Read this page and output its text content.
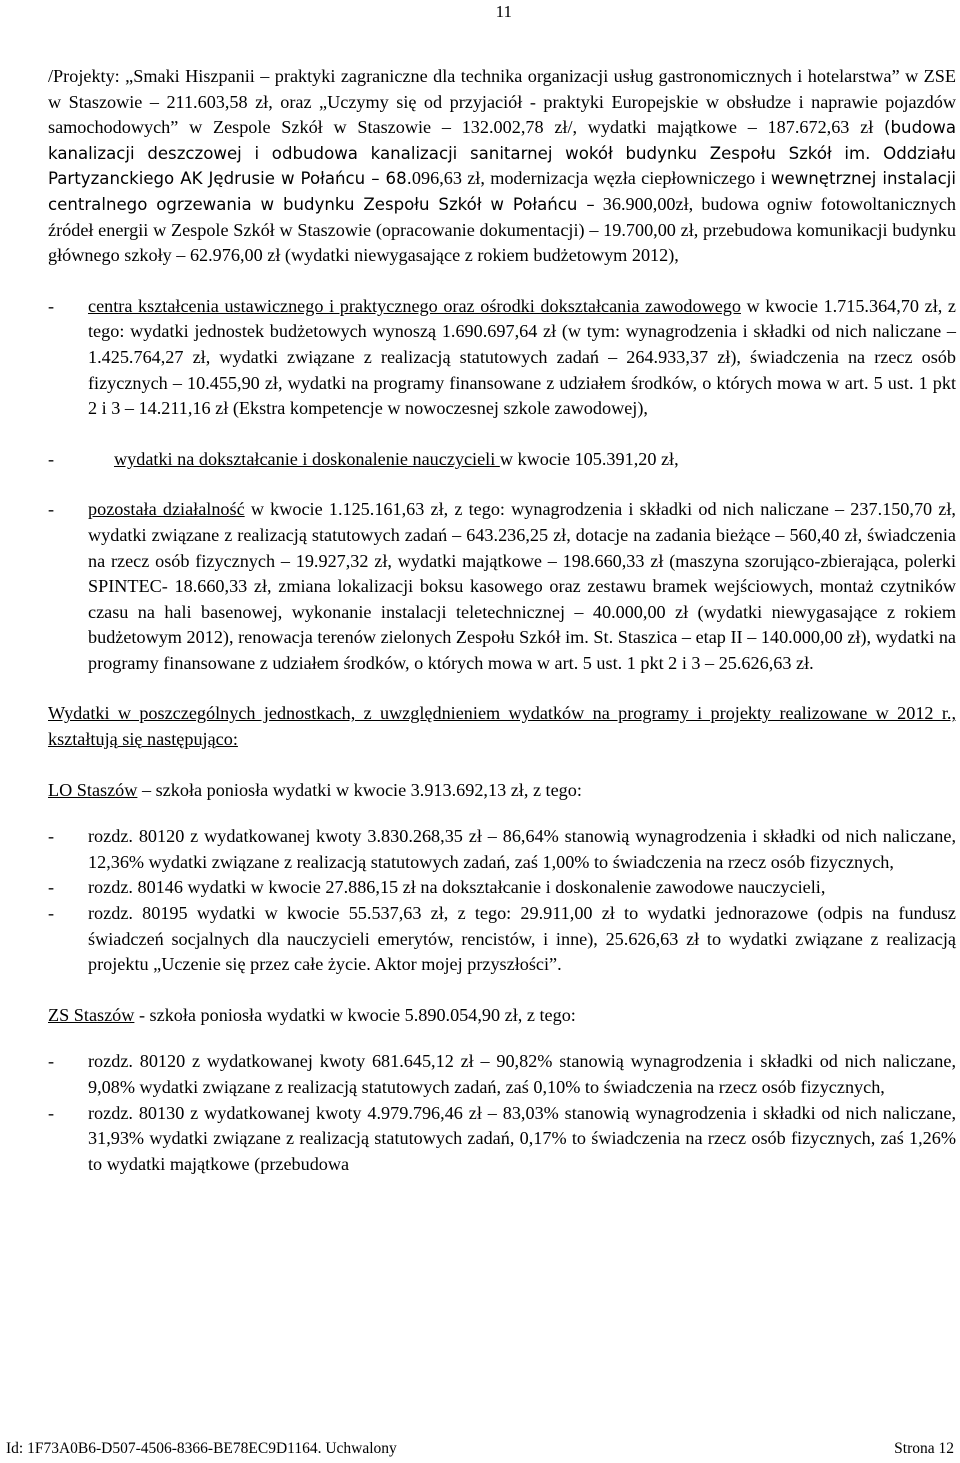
11

/Projekty: „Smaki Hiszpanii – praktyki zagraniczne dla technika organizacji usług gastronomicznych i hotelarstwa” w ZSE w Staszowie – 211.603,58 zł, oraz „Uczymy się od przyjaciół - praktyki Europejskie w obsłudze i naprawie pojazdów samochodowych” w Zespole Szkół w Staszowie – 132.002,78 zł/, wydatki majątkowe – 187.672,63 zł (budowa kanalizacji deszczowej i odbudowa kanalizacji sanitarnej wokół budynku Zespołu Szkół im. Oddziału Partyzanckiego AK Jędrusie w Połańcu – 68.096,63 zł, modernizacja węzła ciepłowniczego i wewnętrznej instalacji centralnego ogrzewania w budynku Zespołu Szkół w Połańcu – 36.900,00zł, budowa ogniw fotowoltanicznych źródeł energii w Zespole Szkół w Staszowie (opracowanie dokumentacji) – 19.700,00 zł, przebudowa komunikacji budynku głównego szkoły – 62.976,00 zł (wydatki niewygasające z rokiem budżetowym 2012),

- centra kształcenia ustawicznego i praktycznego oraz ośrodki dokształcania zawodowego w kwocie 1.715.364,70 zł, z tego: wydatki jednostek budżetowych wynoszą 1.690.697,64 zł (w tym: wynagrodzenia i składki od nich naliczane – 1.425.764,27 zł, wydatki związane z realizacją statutowych zadań – 264.933,37 zł), świadczenia na rzecz osób fizycznych – 10.455,90 zł, wydatki na programy finansowane z udziałem środków, o których mowa w art. 5 ust. 1 pkt 2 i 3 – 14.211,16 zł (Ekstra kompetencje w nowoczesnej szkole zawodowej),

-	wydatki na dokształcanie i doskonalenie nauczycieli w kwocie 105.391,20 zł,

- pozostała działalność w kwocie 1.125.161,63 zł, z tego: wynagrodzenia i składki od nich naliczane – 237.150,70 zł, wydatki związane z realizacją statutowych zadań – 643.236,25 zł, dotacje na zadania bieżące – 560,40 zł, świadczenia na rzecz osób fizycznych – 19.927,32 zł, wydatki majątkowe – 198.660,33 zł (maszyna szorująco-zbierająca, polerki SPINTEC- 18.660,33 zł, zmiana lokalizacji boksu kasowego oraz zestawu bramek wejściowych, montaż czytników czasu na hali basenowej, wykonanie instalacji teletechnicznej – 40.000,00 zł (wydatki niewygasające z rokiem budżetowym 2012), renowacja terenów zielonych Zespołu Szkół im. St. Staszica – etap II – 140.000,00 zł), wydatki na programy finansowane z udziałem środków, o których mowa w art. 5 ust. 1 pkt 2 i 3 – 25.626,63 zł.

Wydatki w poszczególnych jednostkach, z uwzględnieniem wydatków na programy i projekty realizowane w 2012 r., kształtują się następująco:

LO Staszów – szkoła poniosła wydatki w kwocie 3.913.692,13 zł, z tego:

- rozdz. 80120 z wydatkowanej kwoty 3.830.268,35 zł – 86,64% stanowią wynagrodzenia i składki od nich naliczane, 12,36% wydatki związane z realizacją statutowych zadań, zaś 1,00% to świadczenia na rzecz osób fizycznych,

- rozdz. 80146 wydatki w kwocie 27.886,15 zł na dokształcanie i doskonalenie zawodowe nauczycieli,

- rozdz. 80195 wydatki w kwocie 55.537,63 zł, z tego: 29.911,00 zł to wydatki jednorazowe (odpis na fundusz świadczeń socjalnych dla nauczycieli emerytów, rencistów, i inne), 25.626,63 zł to wydatki związane z realizacją projektu „Uczenie się przez całe życie. Aktor mojej przyszłości”.

ZS Staszów - szkoła poniosła wydatki w kwocie 5.890.054,90 zł, z tego:

- rozdz. 80120 z wydatkowanej kwoty 681.645,12 zł – 90,82% stanowią wynagrodzenia i składki od nich naliczane, 9,08% wydatki związane z realizacją statutowych zadań, zaś 0,10% to świadczenia na rzecz osób fizycznych,

- rozdz. 80130 z wydatkowanej kwoty 4.979.796,46 zł – 83,03% stanowią wynagrodzenia i składki od nich naliczane, 31,93% wydatki związane z realizacją statutowych zadań, 0,17% to świadczenia na rzecz osób fizycznych, zaś 1,26% to wydatki majątkowe (przebudowa

Id: 1F73A0B6-D507-4506-8366-BE78EC9D1164. Uchwalony	Strona 12
